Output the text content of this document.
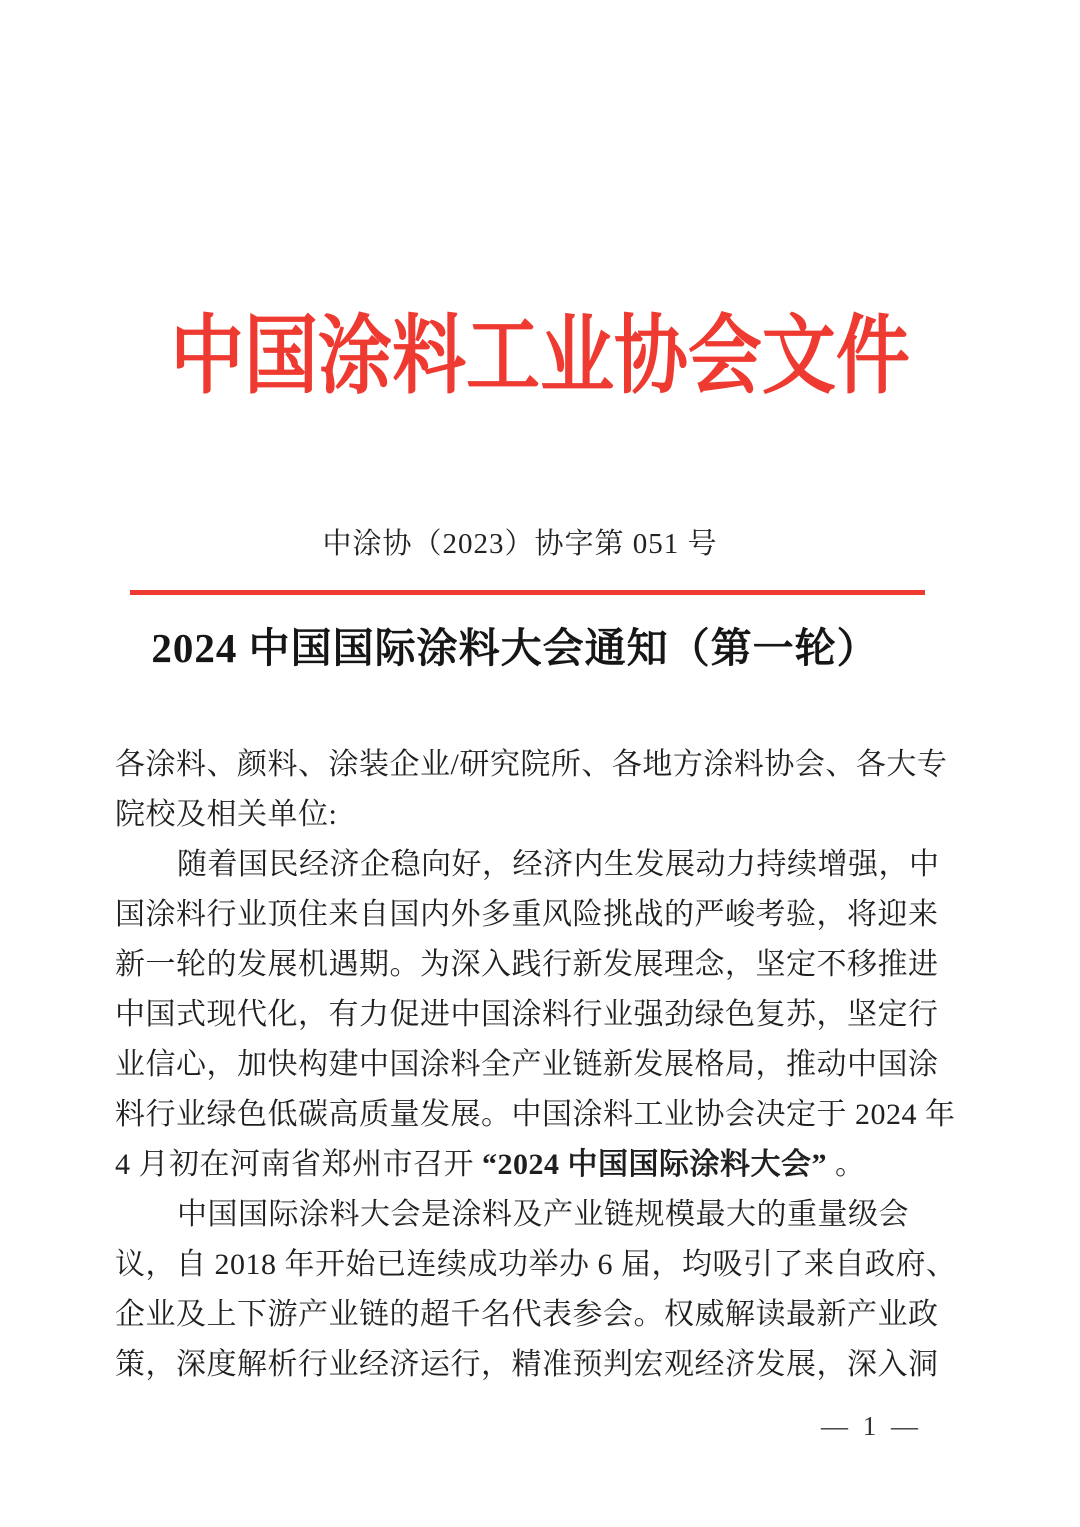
中国涂料工业协会文件
中涂协（2023）协字第 051 号
2024 中国国际涂料大会通知（第一轮）
各涂料、颜料、涂装企业/研究院所、各地方涂料协会、各大专
院校及相关单位:
随着国民经济企稳向好，经济内生发展动力持续增强，中
国涂料行业顶住来自国内外多重风险挑战的严峻考验，将迎来
新一轮的发展机遇期。为深入践行新发展理念，坚定不移推进
中国式现代化，有力促进中国涂料行业强劲绿色复苏，坚定行
业信心，加快构建中国涂料全产业链新发展格局，推动中国涂
料行业绿色低碳高质量发展。中国涂料工业协会决定于 2024 年
4 月初在河南省郑州市召开 “2024 中国国际涂料大会” 。
中国国际涂料大会是涂料及产业链规模最大的重量级会
议，自 2018 年开始已连续成功举办 6 届，均吸引了来自政府、
企业及上下游产业链的超千名代表参会。权威解读最新产业政
策，深度解析行业经济运行，精准预判宏观经济发展，深入洞
— 1 —
